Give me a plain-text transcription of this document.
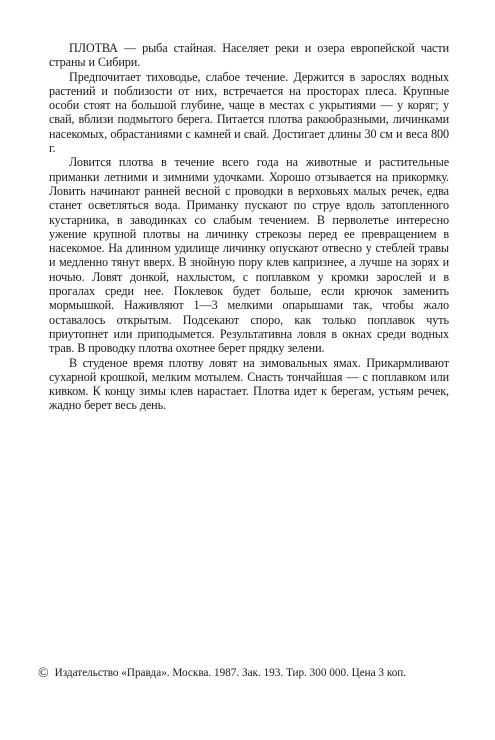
ПЛОТВА — рыба стайная. Населяет реки и озера европейской части страны и Сибири.

Предпочитает тиховодье, слабое течение. Держится в зарослях водных растений и поблизости от них, встречается на просторах плеса. Крупные особи стоят на большой глубине, чаще в местах с укрытиями — у коряг; у свай, вблизи подмытого берега. Питается плотва ракообразными, личинками насекомых, обрастаниями с камней и свай. Достигает длины 30 см и веса 800 г.

Ловится плотва в течение всего года на животные и растительные приманки летними и зимними удочками. Хорошо отзывается на прикормку. Ловить начинают ранней весной с проводки в верховьях малых речек, едва станет осветляться вода. Приманку пускают по струе вдоль затопленного кустарника, в заводинках со слабым течением. В перволетье интересно ужение крупной плотвы на личинку стрекозы перед ее превращением в насекомое. На длинном удилище личинку опускают отвесно у стеблей травы и медленно тянут вверх. В знойную пору клев капризнее, а лучше на зорях и ночью. Ловят донкой, нахлыстом, с поплавком у кромки зарослей и в прогалах среди нее. Поклевок будет больше, если крючок заменить мормышкой. Наживляют 1—3 мелкими опарышами так, чтобы жало оставалось открытым. Подсекают споро, как только поплавок чуть приутопнет или приподымется. Результативна ловля в окнах среди водных трав. В проводку плотва охотнее берет прядку зелени.

В студеное время плотву ловят на зимовальных ямах. Прикармливают сухарной крошкой, мелким мотылем. Снасть тончайшая — с поплавком или кивком. К концу зимы клев нарастает. Плотва идет к берегам, устьям речек, жадно берет весь день.

© Издательство «Правда». Москва. 1987. Зак. 193. Тир. 300 000. Цена 3 коп.
